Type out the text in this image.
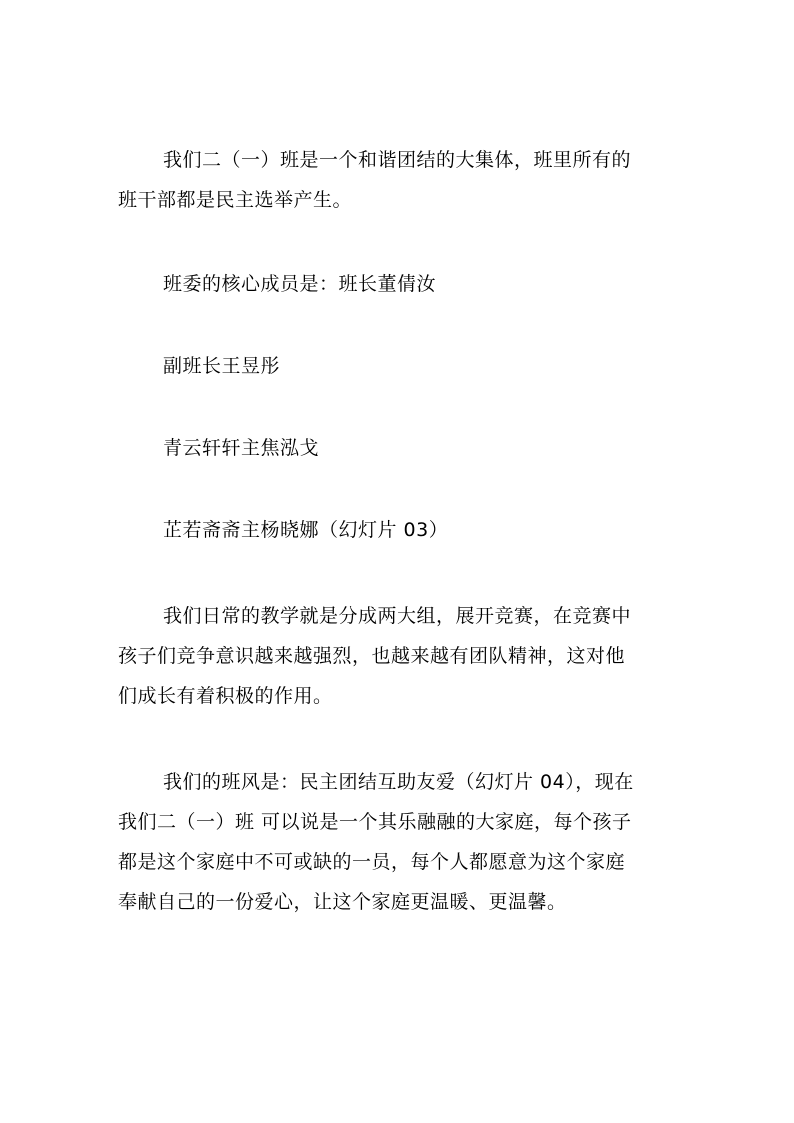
我们二（一）班是一个和谐团结的大集体，班里所有的
班干部都是民主选举产生。
班委的核心成员是：班长董倩汝
副班长王昱彤
青云轩轩主焦泓戈
芷若斋斋主杨晓娜（幻灯片 03）
我们日常的教学就是分成两大组，展开竞赛，在竞赛中
孩子们竞争意识越来越强烈，也越来越有团队精神，这对他
们成长有着积极的作用。
我们的班风是：民主团结互助友爱（幻灯片 04），现在
我们二（一）班 可以说是一个其乐融融的大家庭，每个孩子
都是这个家庭中不可或缺的一员，每个人都愿意为这个家庭
奉献自己的一份爱心，让这个家庭更温暖、更温馨。
